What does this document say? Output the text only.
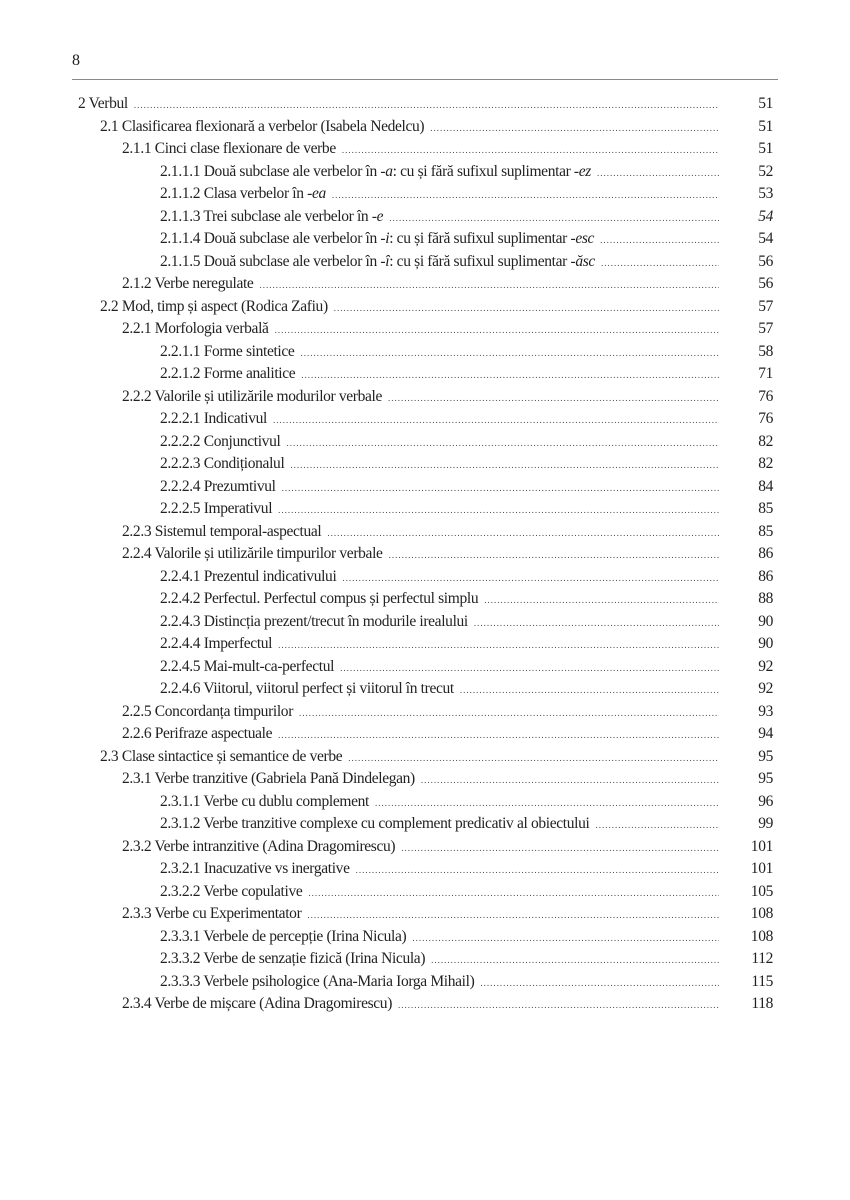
8
2 Verbul .....	51
2.1 Clasificarea flexionară a verbelor (Isabela Nedelcu) .....	51
2.1.1 Cinci clase flexionare de verbe .....	51
2.1.1.1 Două subclase ale verbelor în -a: cu și fără sufixul suplimentar -ez .....	52
2.1.1.2 Clasa verbelor în -ea .....	53
2.1.1.3 Trei subclase ale verbelor în -e .....	54
2.1.1.4 Două subclase ale verbelor în -i: cu și fără sufixul suplimentar -esc .....	54
2.1.1.5 Două subclase ale verbelor în -î: cu și fără sufixul suplimentar -ăsc .....	56
2.1.2 Verbe neregulate .....	56
2.2 Mod, timp și aspect (Rodica Zafiu) .....	57
2.2.1 Morfologia verbală .....	57
2.2.1.1 Forme sintetice .....	58
2.2.1.2 Forme analitice .....	71
2.2.2 Valorile și utilizările modurilor verbale .....	76
2.2.2.1 Indicativul .....	76
2.2.2.2 Conjunctivul .....	82
2.2.2.3 Condiționalul .....	82
2.2.2.4 Prezumtivul .....	84
2.2.2.5 Imperativul .....	85
2.2.3 Sistemul temporal-aspectual .....	85
2.2.4 Valorile și utilizările timpurilor verbale .....	86
2.2.4.1 Prezentul indicativului .....	86
2.2.4.2 Perfectul. Perfectul compus și perfectul simplu .....	88
2.2.4.3 Distincția prezent/trecut în modurile irealului .....	90
2.2.4.4 Imperfectul .....	90
2.2.4.5 Mai-mult-ca-perfectul .....	92
2.2.4.6 Viitorul, viitorul perfect și viitorul în trecut .....	92
2.2.5 Concordanța timpurilor .....	93
2.2.6 Perifraze aspectuale .....	94
2.3 Clase sintactice și semantice de verbe .....	95
2.3.1 Verbe tranzitive (Gabriela Pană Dindelegan) .....	95
2.3.1.1 Verbe cu dublu complement .....	96
2.3.1.2 Verbe tranzitive complexe cu complement predicativ al obiectului .....	99
2.3.2 Verbe intranzitive (Adina Dragomirescu) .....	101
2.3.2.1 Inacuzative vs inergative .....	101
2.3.2.2 Verbe copulative .....	105
2.3.3 Verbe cu Experimentator .....	108
2.3.3.1 Verbele de percepție (Irina Nicula) .....	108
2.3.3.2 Verbe de senzație fizică (Irina Nicula) .....	112
2.3.3.3 Verbele psihologice (Ana-Maria Iorga Mihail) .....	115
2.3.4 Verbe de mișcare (Adina Dragomirescu) .....	118
